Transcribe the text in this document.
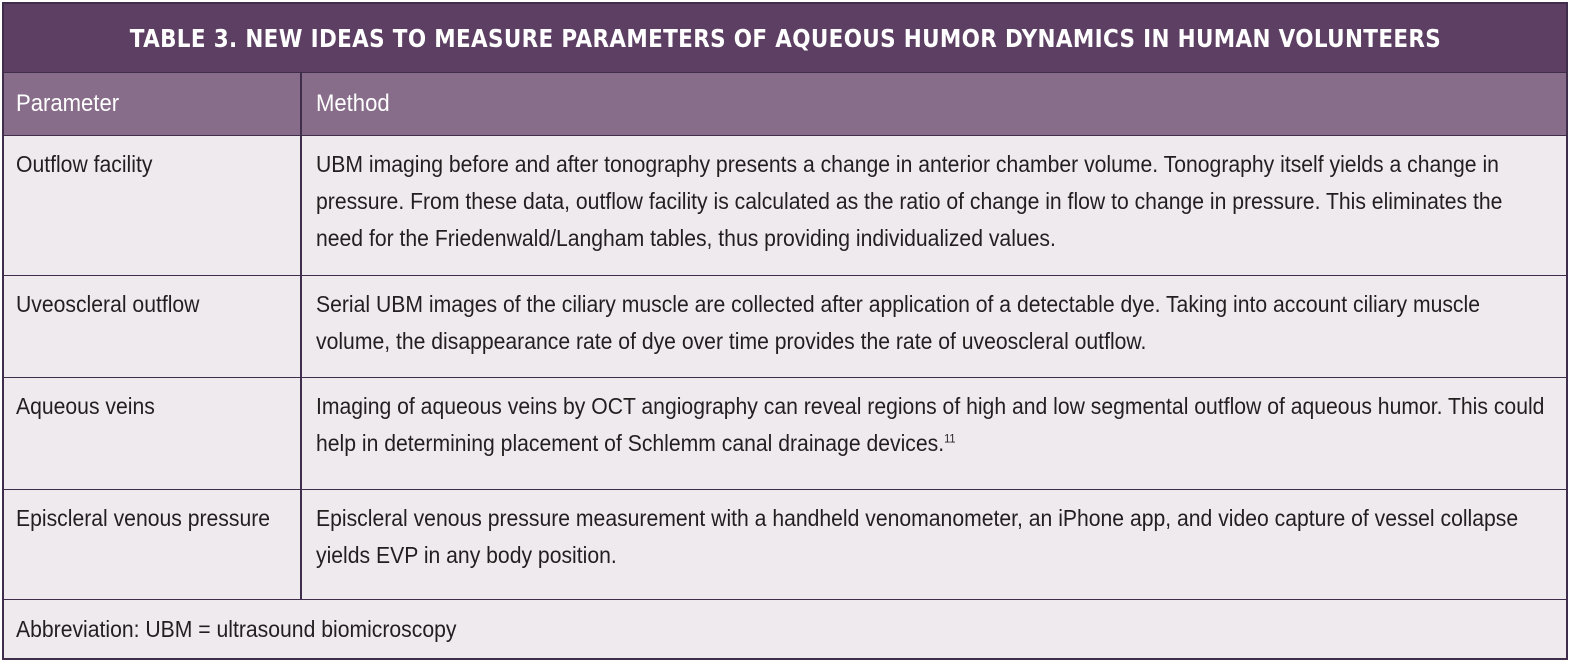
TABLE 3. NEW IDEAS TO MEASURE PARAMETERS OF AQUEOUS HUMOR DYNAMICS IN HUMAN VOLUNTEERS
Parameter	Method
Outflow facility	UBM imaging before and after tonography presents a change in anterior chamber volume. Tonography itself yields a change in
pressure. From these data, outflow facility is calculated as the ratio of change in flow to change in pressure. This eliminates the
need for the Friedenwald/Langham tables, thus providing individualized values.
Uveoscleral outflow	Serial UBM images of the ciliary muscle are collected after application of a detectable dye. Taking into account ciliary muscle
volume, the disappearance rate of dye over time provides the rate of uveoscleral outflow.
Aqueous veins	Imaging of aqueous veins by OCT angiography can reveal regions of high and low segmental outflow of aqueous humor. This could
help in determining placement of Schlemm canal drainage devices.$^{11}$
Episcleral venous pressure	Episcleral venous pressure measurement with a handheld venomanometer, an iPhone app, and video capture of vessel collapse
yields EVP in any body position.
Abbreviation: UBM = ultrasound biomicroscopy
